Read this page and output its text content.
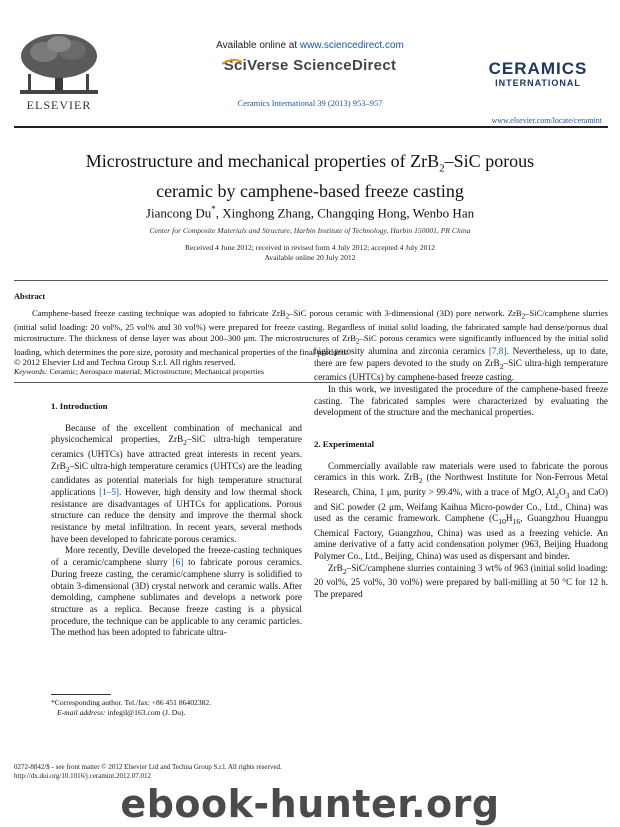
ELSEVIER
Available online at www.sciencedirect.com
SciVerse ScienceDirect
Ceramics International 39 (2013) 953–957
CERAMICS
INTERNATIONAL
www.elsevier.com/locate/ceramint
Microstructure and mechanical properties of ZrB$_2$–SiC porous
ceramic by camphene-based freeze casting
Jiancong Du*, Xinghong Zhang, Changqing Hong, Wenbo Han
Center for Composite Materials and Structure, Harbin Institute of Technology, Harbin 150001, PR China
Received 4 June 2012; received in revised form 4 July 2012; accepted 4 July 2012
Available online 20 July 2012
Abstract

Camphene-based freeze casting technique was adopted to fabricate ZrB$_2$–SiC porous ceramic with 3-dimensional (3D) pore network. ZrB$_2$–SiC/camphene slurries (initial solid loading: 20 vol%, 25 vol% and 30 vol%) were prepared for freeze casting. Regardless of initial solid loading, the fabricated sample had dense/porous dual microstructure. The thickness of dense layer was about 200–300 μm. The microstructures of ZrB$_2$–SiC porous ceramics were significantly influenced by the initial solid loading, which determines the pore size, porosity and mechanical properties of the final products.

© 2012 Elsevier Ltd and Techna Group S.r.l. All rights reserved.

Keywords: Ceramic; Aerospace material; Microstructure; Mechanical properties
1. Introduction

Because of the excellent combination of mechanical and physicochemical properties, ZrB$_2$–SiC ultra-high temperature ceramics (UHTCs) have attracted great interests in recent years. ZrB$_2$–SiC ultra-high temperature ceramics (UHTCs) are the leading candidates as potential materials for high temperature structural applications [1–5]. However, high density and low thermal shock resistance are disadvantages of UHTCs for applications. Porous structure can reduce the density and improve the thermal shock resistance by metal infiltration. In recent years, several methods have been developed to fabricate porous ceramics.

More recently, Deville developed the freeze-casting techniques of a ceramic/camphene slurry [6] to fabricate porous ceramics. During freeze casting, the ceramic/camphene slurry is solidified to obtain 3-dimensional (3D) crystal network and ceramic walls. After demolding, camphene sublimates and develops a network pore structure as a replica. Because freeze casting is a physical procedure, the technique can be applicable to any ceramic particles. The method has been adopted to fabricate ultra-

high porosity alumina and zirconia ceramics [7,8]. Nevertheless, up to date, there are few papers devoted to the study on ZrB$_2$–SiC ultra-high temperature ceramics (UHTCs) by camphene-based freeze casting.

In this work, we investigated the procedure of the camphene-based freeze casting. The fabricated samples were characterized by evaluating the development of the structure and the mechanical properties.

2. Experimental

Commercially available raw materials were used to fabricate the porous ceramics in this work. ZrB$_2$ (the Northwest Institute for Non-Ferrous Metal Research, China, 1 μm, purity > 99.4%, with a trace of MgO, $Al_2O_3$ and CaO) and SiC powder (2 μm, Weifang Kaihua Micro-powder Co., Ltd., China) was used as the ceramic framework. Camphene ($C_{10}H_{16}$, Guangzhou Huangpu Chemical Factory, Guangzhou, China) was used as a freezing vehicle. An amine derivative of a fatty acid condensation polymer (963, Beijing Huadong Polymer Co., Ltd., Beijing, China) was used as dispersant and binder.

ZrB$_2$–SiC/camphene slurries containing 3 wt% of 963 (initial solid loading: 20 vol%, 25 vol%, 30 vol%) were prepared by ball-milling at 50 °C for 12 h. The prepared

*Corresponding author. Tel./fax: +86 451 86402382.
E-mail address: infegil@163.com (J. Du).
0272-8842/$ - see front matter © 2012 Elsevier Ltd and Techna Group S.r.l. All rights reserved.
http://dx.doi.org/10.1016/j.ceramint.2012.07.012
ebook-hunter.org
